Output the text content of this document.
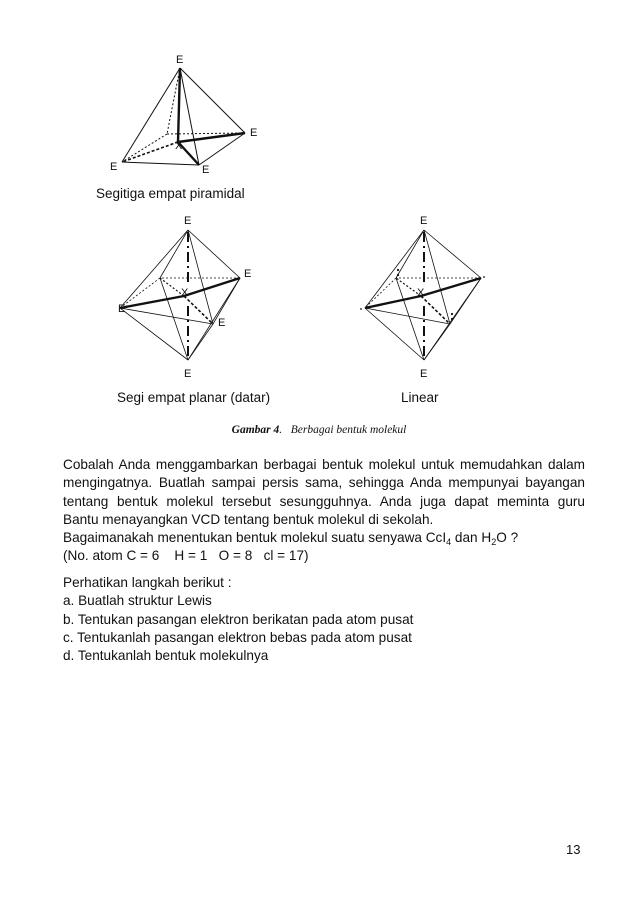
E
E
X
E	E
Segitiga empat piramidal
E
E
X
E
E
E
Segi empat planar (datar)
E
X
E
Linear
Gambar 4. Berbagai bentuk molekul

Cobalah Anda menggambarkan berbagai bentuk molekul untuk memudahkan dalam

mengingatnya. Buatlah sampai persis sama, sehingga Anda mempunyai bayangan

tentang bentuk molekul tersebut sesungguhnya. Anda juga dapat meminta guru

Bantu menayangkan VCD tentang bentuk molekul di sekolah.

Bagaimanakah menentukan bentuk molekul suatu senyawa CcI$_4$ dan $H_2O$ ?

(No. atom C = 6    H = 1   O = 8   cl = 17)

Perhatikan langkah berikut :
a. Buatlah struktur Lewis
b. Tentukan pasangan elektron berikatan pada atom pusat
c. Tentukanlah pasangan elektron bebas pada atom pusat
d. Tentukanlah bentuk molekulnya
13
